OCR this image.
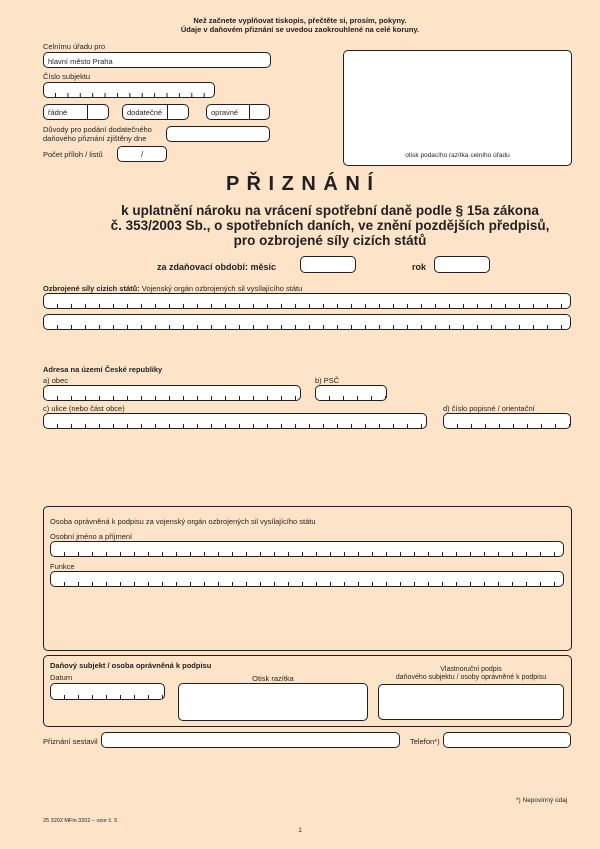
Než začnete vyplňovat tiskopis, přečtěte si, prosím, pokyny.
Údaje v daňovém přiznání se uvedou zaokrouhlené na celé koruny.
Celnímu úřadu pro
hlavní město Praha
Číslo subjektu
řádné	dodatečné	opravné
Důvody pro podání dodatečného
daňového přiznání zjištěny dne
Počet příloh / listů	/	otisk podacího razítka celního úřadu
P Ř I Z N Á N Í
k uplatnění nároku na vrácení spotřební daně podle § 15a zákona
č. 353/2003 Sb., o spotřebních daních, ve znění pozdějších předpisů,
pro ozbrojené síly cizích států
za zdaňovací období: měsíc	rok
Ozbrojené síly cizích států: Vojenský orgán ozbrojených sil vysílajícího státu
Adresa na území České republiky
a) obec	b) PSČ
c) ulice (nebo část obce)	d) číslo popisné / orientační
Osoba oprávněná k podpisu za vojenský orgán ozbrojených sil vysílajícího státu
Osobní jméno a příjmení
Funkce
Daňový subjekt / osoba oprávněná k podpisu
Datum	Otisk razítka
Vlastnoruční podpis
daňového subjektu / osoby oprávněné k podpisu
Přiznání sestavil	Telefon*)
*) Nepovinný údaj
25 3202 MFin 3202 – vzor č. 5
1
